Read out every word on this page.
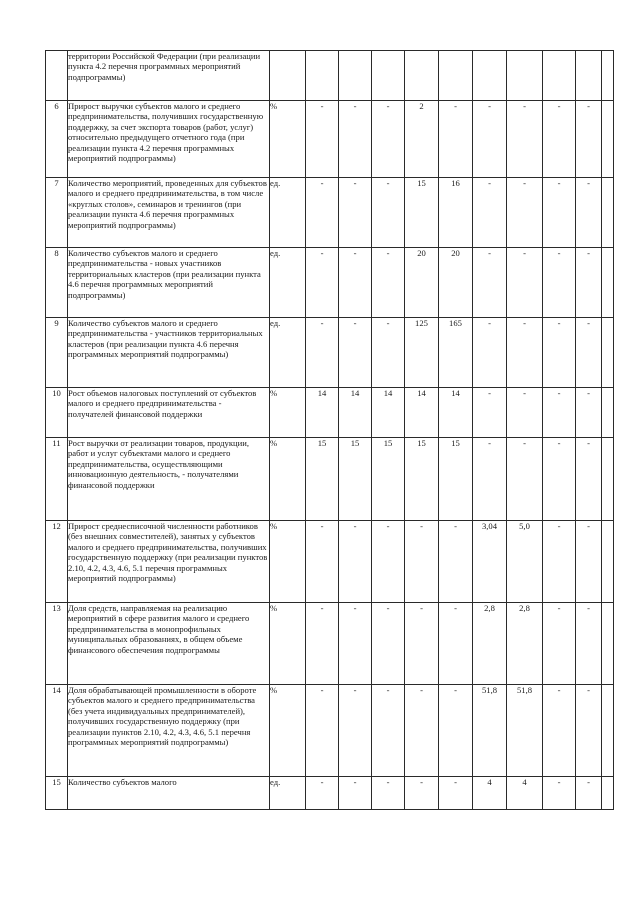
	территории Российской Федерации (при реализации пункта 4.2 перечня программных мероприятий подпрограммы)											
6	Прирост выручки субъектов малого и среднего предпринимательства, получивших государственную поддержку, за счет экспорта товаров (работ, услуг) относительно предыдущего отчетного года (при реализации пункта 4.2 перечня программных мероприятий подпрограммы)	%	-	-	-	2	-	-	-	-	-	
7	Количество мероприятий, проведенных для субъектов малого и среднего предпринимательства, в том числе «круглых столов», семинаров и тренингов (при реализации пункта 4.6 перечня программных мероприятий подпрограммы)	ед.	-	-	-	15	16	-	-	-	-	
8	Количество субъектов малого и среднего предпринимательства - новых участников территориальных кластеров (при реализации пункта 4.6 перечня программных мероприятий подпрограммы)	ед.	-	-	-	20	20	-	-	-	-	
9	Количество субъектов малого и среднего предпринимательства - участников территориальных кластеров (при реализации пункта 4.6 перечня программных мероприятий подпрограммы)	ед.	-	-	-	125	165	-	-	-	-	
10	Рост объемов налоговых поступлений от субъектов малого и среднего предпринимательства - получателей финансовой поддержки	%	14	14	14	14	14	-	-	-	-	
11	Рост выручки от реализации товаров, продукции, работ и услуг субъектами малого и среднего предпринимательства, осуществляющими инновационную деятельность, - получателями финансовой поддержки	%	15	15	15	15	15	-	-	-	-	
12	Прирост среднесписочной численности работников (без внешних совместителей), занятых у субъектов малого и среднего предпринимательства, получивших государственную поддержку (при реализации пунктов 2.10, 4.2, 4.3, 4.6, 5.1 перечня программных мероприятий подпрограммы)	%	-	-	-	-	-	3,04	5,0	-	-	
13	Доля средств, направляемая на реализацию мероприятий в сфере развития малого и среднего предпринимательства в монопрофильных муниципальных образованиях, в общем объеме финансового обеспечения подпрограммы	%	-	-	-	-	-	2,8	2,8	-	-	
14	Доля обрабатывающей промышленности в обороте субъектов малого и среднего предпринимательства (без учета индивидуальных предпринимателей), получивших государственную поддержку (при реализации пунктов 2.10, 4.2, 4.3, 4.6, 5.1 перечня программных мероприятий подпрограммы)	%	-	-	-	-	-	51,8	51,8	-	-	
15	Количество субъектов малого	ед.	-	-	-	-	-	4	4	-	-	
